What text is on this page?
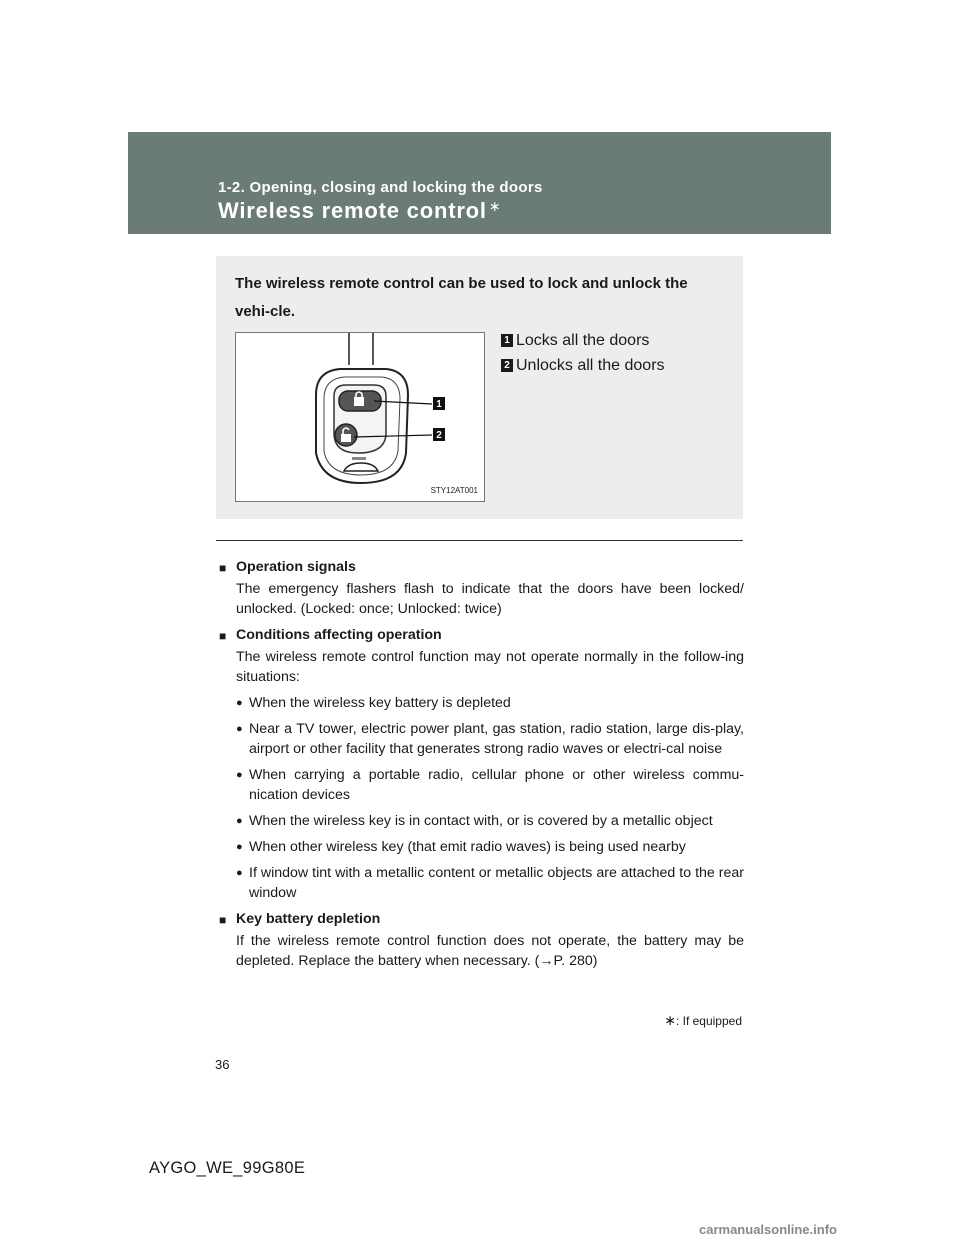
1-2. Opening, closing and locking the doors
Wireless remote control ∗
The wireless remote control can be used to lock and unlock the vehi-cle.
1
2
STY12AT001
1 Locks all the doors
2 Unlocks all the doors
■ Operation signals
The emergency flashers flash to indicate that the doors have been locked/ unlocked. (Locked: once; Unlocked: twice)
■ Conditions affecting operation
The wireless remote control function may not operate normally in the follow-ing situations:
● When the wireless key battery is depleted
● Near a TV tower, electric power plant, gas station, radio station, large dis-play, airport or other facility that generates strong radio waves or electri-cal noise
● When carrying a portable radio, cellular phone or other wireless commu-nication devices
● When the wireless key is in contact with, or is covered by a metallic object
● When other wireless key (that emit radio waves) is being used nearby
● If window tint with a metallic content or metallic objects are attached to the rear window
■ Key battery depletion
If the wireless remote control function does not operate, the battery may be depleted. Replace the battery when necessary. (→P. 280)
∗: If equipped
36
AYGO_WE_99G80E
carmanualsonline.info
